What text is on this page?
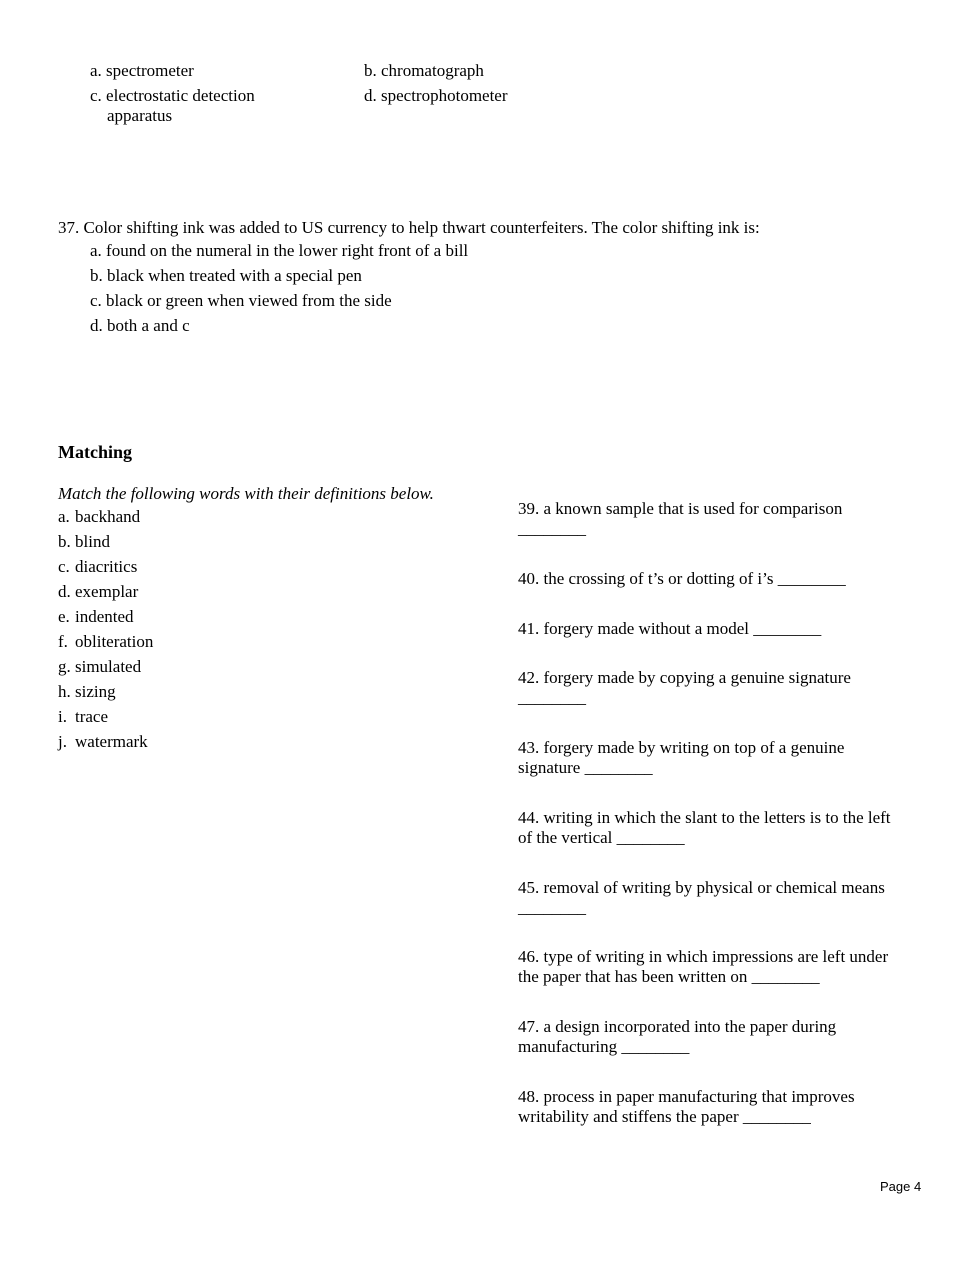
a. spectrometer	b. chromatograph
c. electrostatic detection
apparatus
d. spectrophotometer
37. Color shifting ink was added to US currency to help thwart counterfeiters. The color shifting ink is:
a. found on the numeral in the lower right front of a bill
b. black when treated with a special pen
c. black or green when viewed from the side
d. both a and c
Matching
Match the following words with their definitions below.
a. backhand
b. blind
c. diacritics
d. exemplar
e. indented
f. obliteration
g. simulated
h. sizing
i. trace
j. watermark
39. a known sample that is used for comparison
________
40. the crossing of t’s or dotting of i’s ________
41. forgery made without a model ________
42. forgery made by copying a genuine signature
________
43. forgery made by writing on top of a genuine
signature ________
44. writing in which the slant to the letters is to the left
of the vertical ________
45. removal of writing by physical or chemical means
________
46. type of writing in which impressions are left under
the paper that has been written on ________
47. a design incorporated into the paper during
manufacturing ________
48. process in paper manufacturing that improves
writability and stiffens the paper ________
Page 4
